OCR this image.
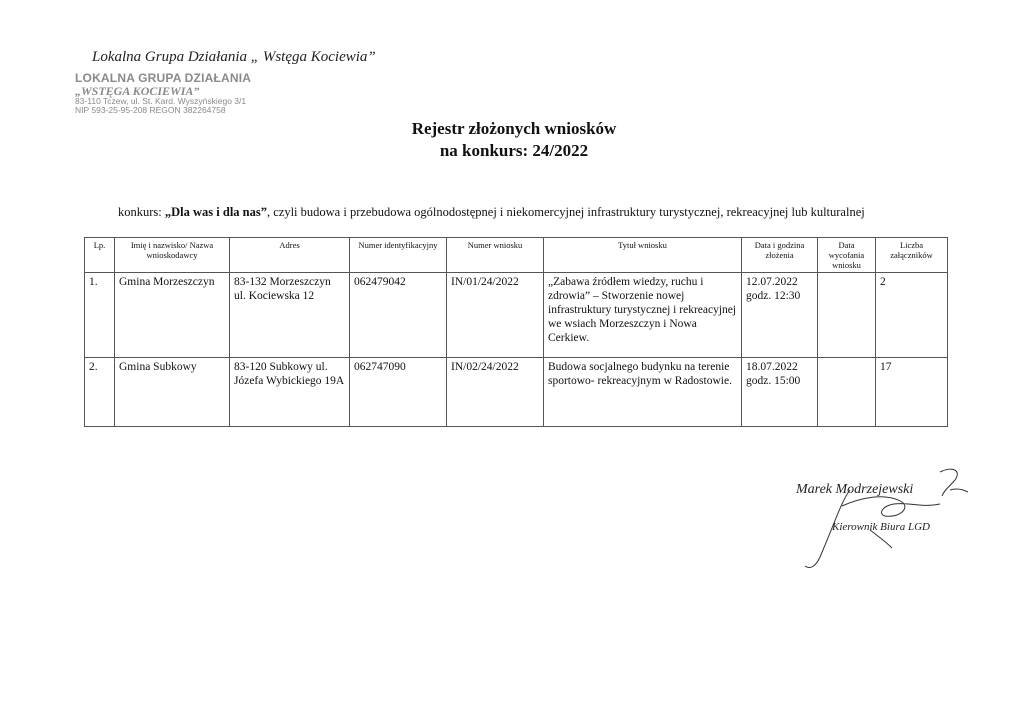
Lokalna Grupa Działania „ Wstęga Kociewia”
LOKALNA GRUPA DZIAŁANIA
„WSTĘGA KOCIEWIA”
83-110 Tczew, ul. St. Kard. Wyszyńskiego 3/1
NIP 593-25-95-208 REGON 382264758
Rejestr złożonych wniosków
na konkurs: 24/2022
konkurs: „Dla was i dla nas”, czyli budowa i przebudowa ogólnodostępnej i niekomercyjnej infrastruktury turystycznej, rekreacyjnej lub kulturalnej
Lp.	Imię i nazwisko/ Nazwa wnioskodawcy	Adres	Numer identyfikacyjny	Numer wniosku	Tytuł wniosku	Data i godzina złożenia	Data wycofania wniosku	Liczba załączników
1.	Gmina Morzeszczyn	83-132 Morzeszczyn ul. Kociewska 12	062479042	IN/01/24/2022	„Zabawa źródłem wiedzy, ruchu i zdrowia” – Stworzenie nowej infrastruktury turystycznej i rekreacyjnej we wsiach Morzeszczyn i Nowa Cerkiew.	12.07.2022 godz. 12:30		2
2.	Gmina Subkowy	83-120 Subkowy ul. Józefa Wybickiego 19A	062747090	IN/02/24/2022	Budowa socjalnego budynku na terenie sportowo- rekreacyjnym w Radostowie.	18.07.2022 godz. 15:00		17
Marek Modrzejewski
Kierownik Biura LGD
